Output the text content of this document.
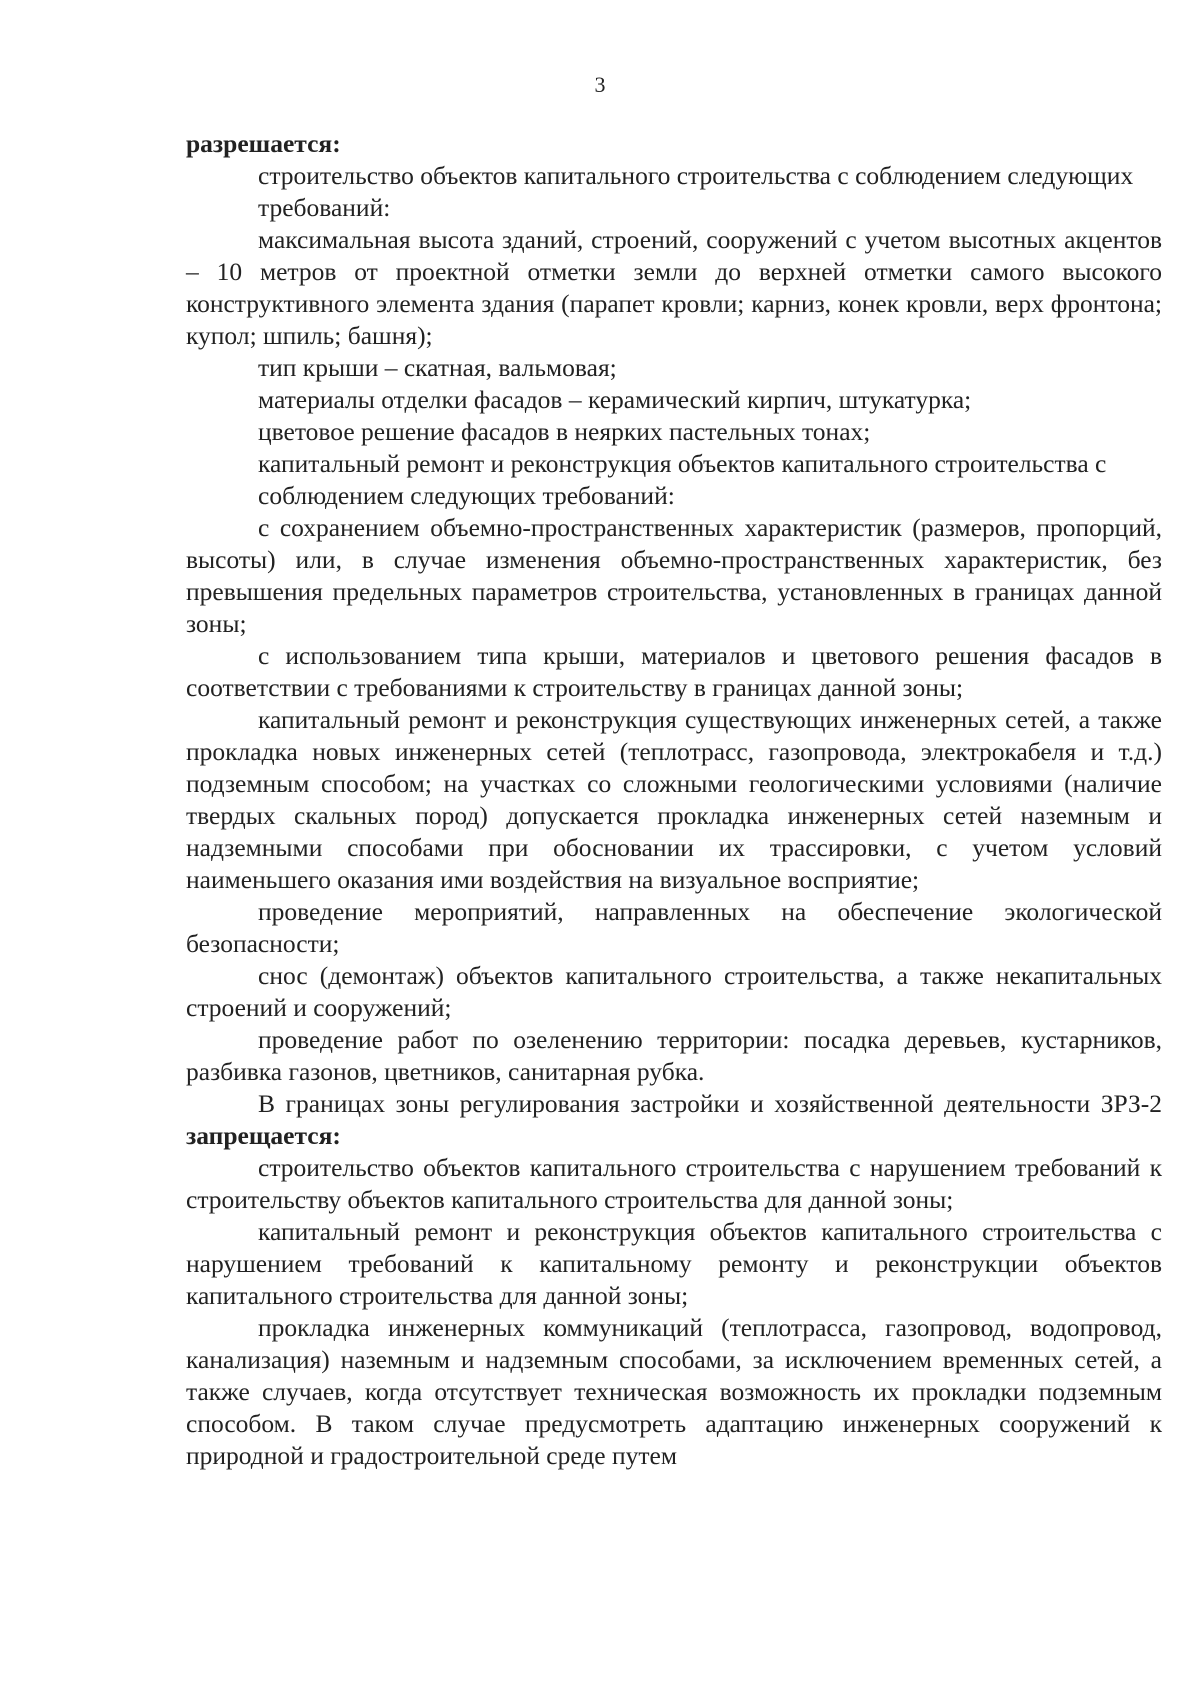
3

разрешается:

строительство объектов капитального строительства с соблюдением следующих требований:

максимальная высота зданий, строений, сооружений с учетом высотных акцентов – 10 метров от проектной отметки земли до верхней отметки самого высокого конструктивного элемента здания (парапет кровли; карниз, конек кровли, верх фронтона; купол; шпиль; башня);

тип крыши – скатная, вальмовая;

материалы отделки фасадов – керамический кирпич, штукатурка;

цветовое решение фасадов в неярких пастельных тонах;

капитальный ремонт и реконструкция объектов капитального строительства с соблюдением следующих требований:

с сохранением объемно-пространственных характеристик (размеров, пропорций, высоты) или, в случае изменения объемно-пространственных характеристик, без превышения предельных параметров строительства, установленных в границах данной зоны;

с использованием типа крыши, материалов и цветового решения фасадов в соответствии с требованиями к строительству в границах данной зоны;

капитальный ремонт и реконструкция существующих инженерных сетей, а также прокладка новых инженерных сетей (теплотрасс, газопровода, электрокабеля и т.д.) подземным способом; на участках со сложными геологическими условиями (наличие твердых скальных пород) допускается прокладка инженерных сетей наземным и надземными способами при обосновании их трассировки, с учетом условий наименьшего оказания ими воздействия на визуальное восприятие;

проведение мероприятий, направленных на обеспечение экологической безопасности;

снос (демонтаж) объектов капитального строительства, а также некапитальных строений и сооружений;

проведение работ по озеленению территории: посадка деревьев, кустарников, разбивка газонов, цветников, санитарная рубка.

В границах зоны регулирования застройки и хозяйственной деятельности ЗРЗ-2 запрещается:

строительство объектов капитального строительства с нарушением требований к строительству объектов капитального строительства для данной зоны;

капитальный ремонт и реконструкция объектов капитального строительства с нарушением требований к капитальному ремонту и реконструкции объектов капитального строительства для данной зоны;

прокладка инженерных коммуникаций (теплотрасса, газопровод, водопровод, канализация) наземным и надземным способами, за исключением временных сетей, а также случаев, когда отсутствует техническая возможность их прокладки подземным способом. В таком случае предусмотреть адаптацию инженерных сооружений к природной и градостроительной среде путем
